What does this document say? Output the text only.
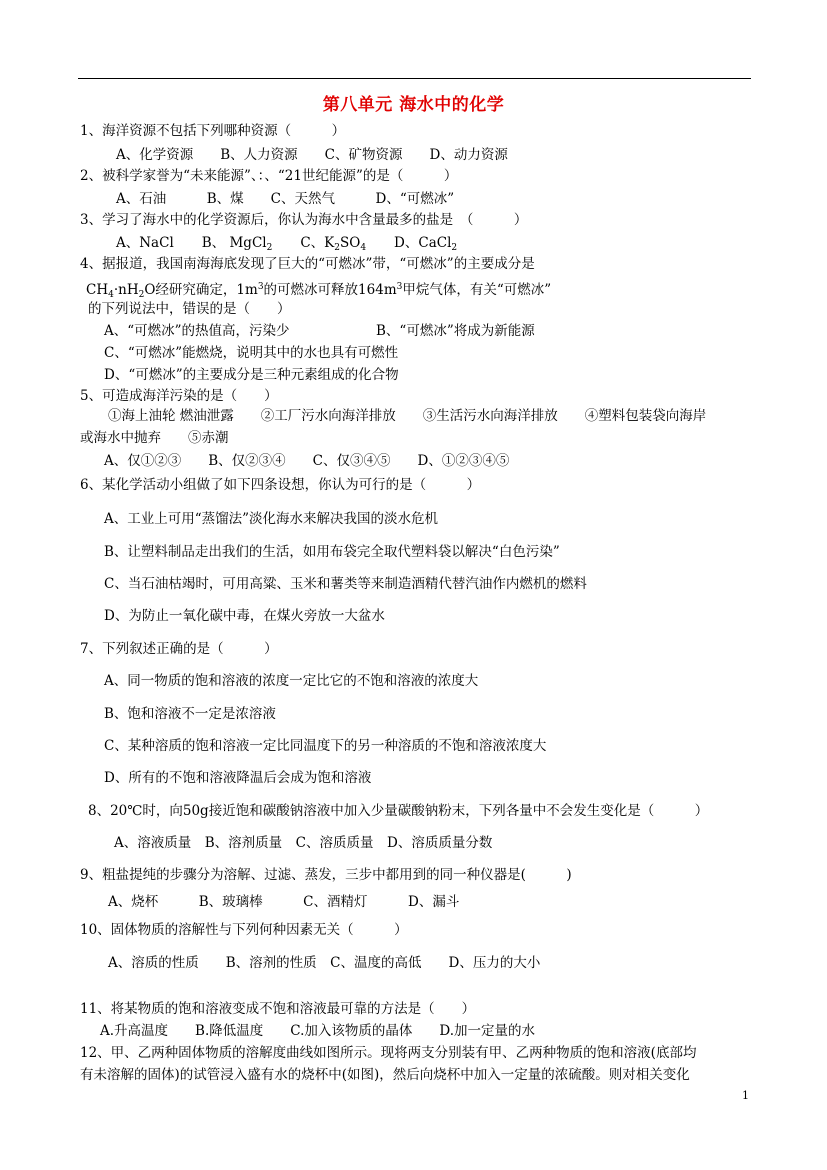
第八单元 海水中的化学
1、海洋资源不包括下列哪种资源（　　　）
A、化学资源　　B、人力资源　　C、矿物资源　　D、动力资源
2、被科学家誉为“未来能源”、：、“21世纪能源”的是（　　　）
A、石油　　　B、煤　　C、天然气　　　D、“可燃冰”
3、学习了海水中的化学资源后，你认为海水中含量最多的盐是　（　　　）
A、NaCl B、 MgCl$_2$ C、$K_2SO_4$ D、CaCl$_2$
4、据报道，我国南海海底发现了巨大的“可燃冰”带，“可燃冰”的主要成分是
$CH_4\cdot nH_2O$经研究确定，$1m^3$的可燃冰可释放$164m^3$甲烷气体，有关“可燃冰”
的下列说法中，错误的是（　　）
A、“可燃冰”的热值高，污染少	B、“可燃冰”将成为新能源
C、“可燃冰”能燃烧，说明其中的水也具有可燃性
D、“可燃冰”的主要成分是三种元素组成的化合物
5、可造成海洋污染的是（　　）
①海上油轮 燃油泄露　　②工厂污水向海洋排放　　③生活污水向海洋排放　　④塑料包装袋向海岸
或海水中抛弃　　⑤赤潮
A、仅①②③　　B、仅②③④　　C、仅③④⑤　　D、①②③④⑤
6、某化学活动小组做了如下四条设想，你认为可行的是（　　　）
A、工业上可用“蒸馏法”淡化海水来解决我国的淡水危机
B、让塑料制品走出我们的生活，如用布袋完全取代塑料袋以解决“白色污染”
C、当石油枯竭时，可用高粱、玉米和薯类等来制造酒精代替汽油作内燃机的燃料
D、为防止一氧化碳中毒，在煤火旁放一大盆水
7、下列叙述正确的是（　　　）
A、同一物质的饱和溶液的浓度一定比它的不饱和溶液的浓度大
B、饱和溶液不一定是浓溶液
C、某种溶质的饱和溶液一定比同温度下的另一种溶质的不饱和溶液浓度大
D、所有的不饱和溶液降温后会成为饱和溶液
8、20℃时，向50g接近饱和碳酸钠溶液中加入少量碳酸钠粉末，下列各量中不会发生变化是（　　　）
A、溶液质量　B、溶剂质量　C、溶质质量　D、溶质质量分数
9、粗盐提纯的步骤分为溶解、过滤、蒸发，三步中都用到的同一种仪器是(　　　)
A、烧杯　　　B、玻璃棒　　　C、酒精灯　　　D、漏斗
10、固体物质的溶解性与下列何种因素无关（　　　）
A、溶质的性质　　B、溶剂的性质　C、温度的高低　　D、压力的大小
11、将某物质的饱和溶液变成不饱和溶液最可靠的方法是（　　）
A.升高温度　　B.降低温度　　C.加入该物质的晶体　　D.加一定量的水
12、甲、乙两种固体物质的溶解度曲线如图所示。现将两支分别装有甲、乙两种物质的饱和溶液(底部均
有未溶解的固体)的试管浸入盛有水的烧杯中(如图)，然后向烧杯中加入一定量的浓硫酸。则对相关变化
1
